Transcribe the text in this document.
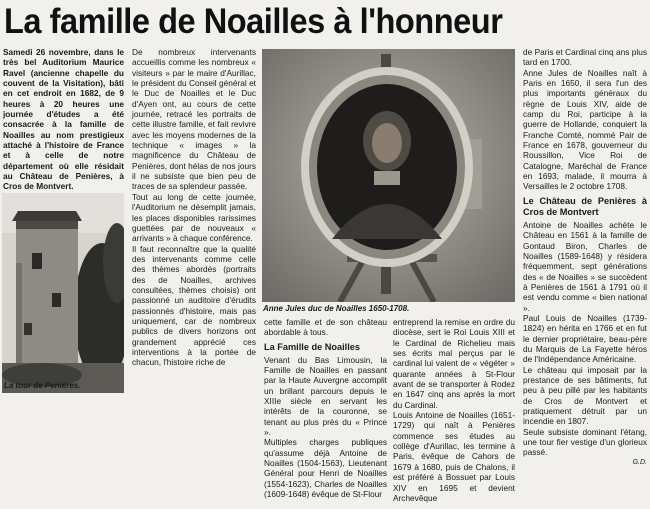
La famille de Noailles à l'honneur

Samedi 26 novembre, dans le très bel Auditorium Maurice Ravel (ancienne chapelle du couvent de la Visitation), bâti en cet endroit en 1682, de 9 heures à 20 heures une journée d'études a été consacrée à la famille de Noailles au nom prestigieux attaché à l'histoire de France et à celle de notre département où elle résidait au Château de Penières, à Cros de Montvert.

La tour de Penières.

De nombreux intervenants accueillis comme les nombreux « visiteurs » par le maire d'Aurillac, le président du Conseil général et le Duc de Noailles et le Duc d'Ayen ont, au cours de cette journée, retracé les portraits de cette illustre famille, et fait revivre avec les moyens modernes de la technique « images » la magnificence du Château de Penières, dont hélas de nos jours il ne subsiste que bien peu de traces de sa splendeur passée.

Tout au long de cette journée, l'Auditorium ne désemplit jamais, les places disponibles rarissimes guettées par de nouveaux « arrivants » à chaque conférence.

Il faut reconnaître que la qualité des intervenants comme celle des thèmes abordés (portraits des de Noailles, archives consultées, thèmes choisis) ont passionné un auditoire d'érudits passionnés d'histoire, mais pas uniquement, car de nombreux publics de divers horizons ont grandement apprécié ces interventions à la portée de chacun, l'histoire riche de

Anne Jules duc de Noailles 1650-1708.

cette famille et de son château abordable à tous.

La Famille de Noailles

Venant du Bas Limousin, la Famille de Noailles en passant par la Haute Auvergne accomplit un brillant parcours depuis le XIIIe siècle en servant les intérêts de la couronne, se tenant au plus près du « Prince ».

Multiples charges publiques qu'assume déjà Antoine de Noailles (1504-1563), Lieutenant Général pour Henri de Noailles (1554-1623), Charles de Noailles (1609-1648) évêque de St-Flour

entreprend la remise en ordre du diocèse, sert le Roi Louis XIII et le Cardinal de Richelieu mais ses écrits mal perçus par le cardinal lui valent de « végéter » quarante années à St-Flour avant de se transporter à Rodez en 1647 cinq ans après la mort du Cardinal.

Louis Antoine de Noailles (1651-1729) qui naît à Penières commence ses études au collège d'Aurillac, les termine à Paris, évêque de Cahors de 1679 à 1680, puis de Chalons, il est préféré à Bossuet par Louis XIV en 1695 et devient Archevêque

de Paris et Cardinal cinq ans plus tard en 1700.

Anne Jules de Noailles naît à Paris en 1650, il sera l'un des plus importants généraux du règne de Louis XIV, aide de camp du Roi, participe à la guerre de Hollande, conquiert la Franche Comté, nommé Pair de France en 1678, gouverneur du Roussillon, Vice Roi de Catalogne, Maréchal de France en 1693, malade, il mourra à Versailles le 2 octobre 1708.

Le Château de Penières à Cros de Montvert

Antoine de Noailles achète le Château en 1561 à la famille de Gontaud Biron, Charles de Noailles (1589-1648) y résidera fréquemment, sept générations des « de Noailles » se succèdent à Penières de 1561 à 1791 où il est vendu comme « bien national ».

Paul Louis de Noailles (1739-1824) en hérita en 1766 et en fut le dernier propriétaire, beau-père du Marquis de La Fayette héros de l'Indépendance Américaine.

Le château qui imposait par la prestance de ses bâtiments, fut peu à peu pillé par les habitants de Cros de Montvert et pratiquement détruit par un incendie en 1807.

Seule subsiste dominant l'étang, une tour fier vestige d'un glorieux passé.

G.D.
